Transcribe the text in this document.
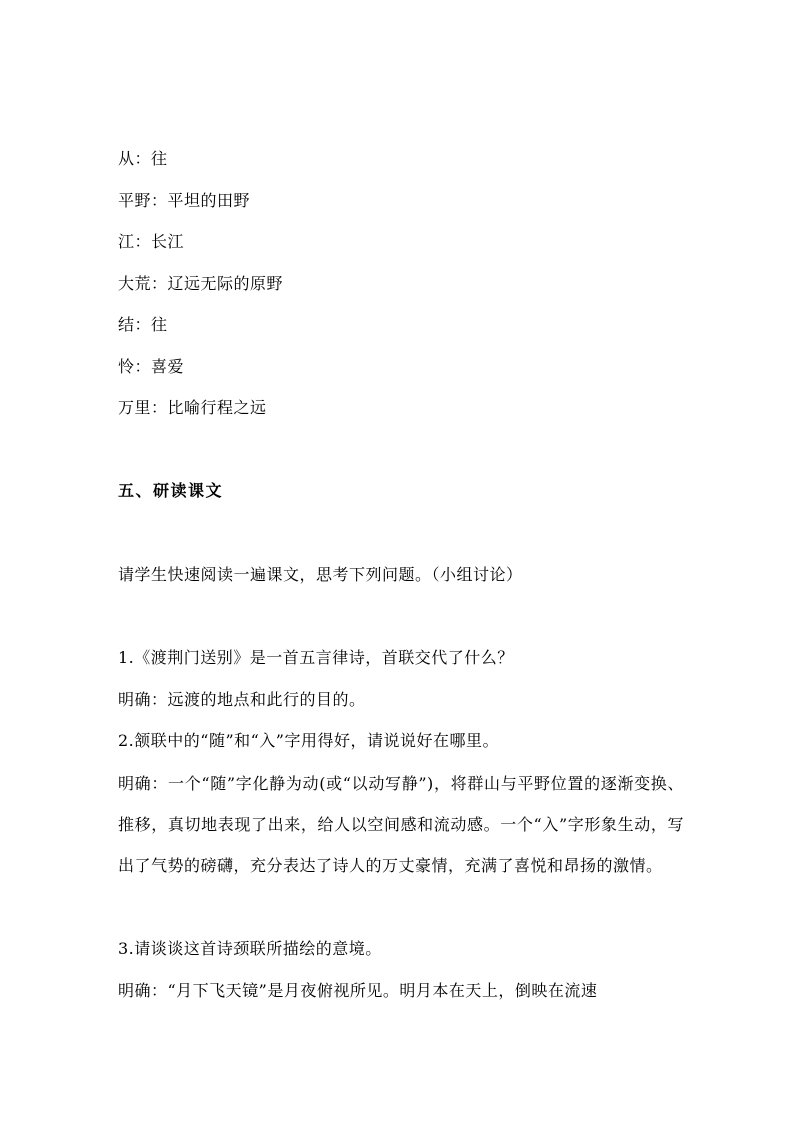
从：往
平野：平坦的田野
江：长江
大荒：辽远无际的原野
结：往
怜：喜爱
万里：比喻行程之远
五、研读课文
请学生快速阅读一遍课文，思考下列问题。（小组讨论）
1.《渡荆门送别》是一首五言律诗，首联交代了什么？
明确：远渡的地点和此行的目的。
2.颔联中的“随”和“入”字用得好，请说说好在哪里。
明确：一个“随”字化静为动(或“以动写静”)，将群山与平野位置的逐渐变换、推移，真切地表现了出来，给人以空间感和流动感。一个“入”字形象生动，写出了气势的磅礴，充分表达了诗人的万丈豪情，充满了喜悦和昂扬的激情。
3.请谈谈这首诗颈联所描绘的意境。
明确：“月下飞天镜”是月夜俯视所见。明月本在天上，倒映在流速
